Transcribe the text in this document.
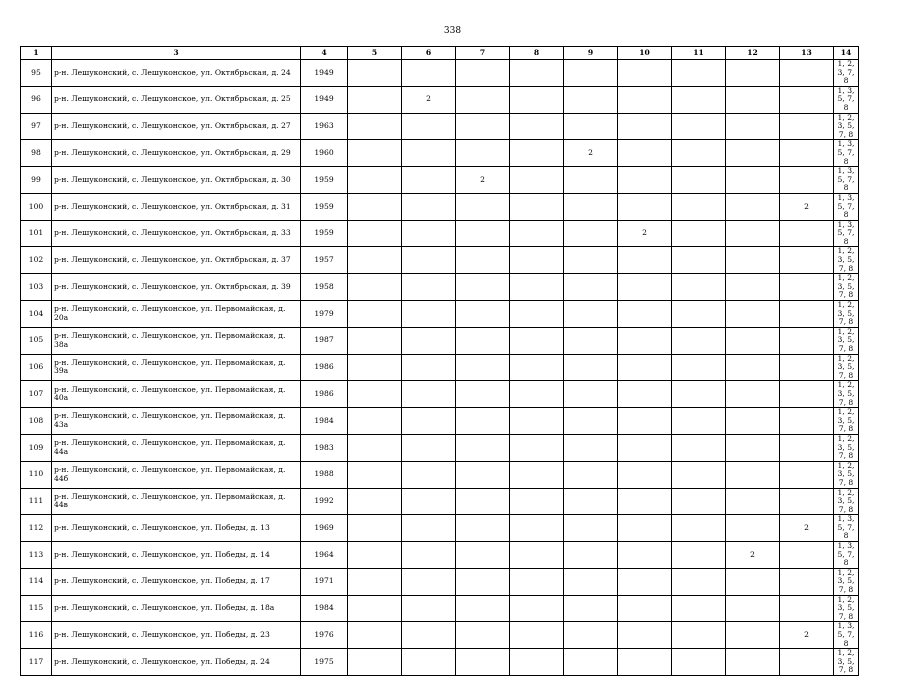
338
1	3	4	5	6	7	8	9	10	11	12	13	14
95	р-н. Лешуконский, с. Лешуконское, ул. Октябрьская, д. 24	1949										1, 2, 3, 7, 8
96	р-н. Лешуконский, с. Лешуконское, ул. Октябрьская, д. 25	1949		2								1, 3, 5, 7, 8
97	р-н. Лешуконский, с. Лешуконское, ул. Октябрьская, д. 27	1963										1, 2, 3, 5, 7, 8
98	р-н. Лешуконский, с. Лешуконское, ул. Октябрьская, д. 29	1960					2					1, 3, 5, 7, 8
99	р-н. Лешуконский, с. Лешуконское, ул. Октябрьская, д. 30	1959			2							1, 3, 5, 7, 8
100	р-н. Лешуконский, с. Лешуконское, ул. Октябрьская, д. 31	1959									2	1, 3, 5, 7, 8
101	р-н. Лешуконский, с. Лешуконское, ул. Октябрьская, д. 33	1959						2				1, 3, 5, 7, 8
102	р-н. Лешуконский, с. Лешуконское, ул. Октябрьская, д. 37	1957										1, 2, 3, 5, 7, 8
103	р-н. Лешуконский, с. Лешуконское, ул. Октябрьская, д. 39	1958										1, 2, 3, 5, 7, 8
104	р-н. Лешуконский, с. Лешуконское, ул. Первомайская, д. 20а	1979										1, 2, 3, 5, 7, 8
105	р-н. Лешуконский, с. Лешуконское, ул. Первомайская, д. 38а	1987										1, 2, 3, 5, 7, 8
106	р-н. Лешуконский, с. Лешуконское, ул. Первомайская, д. 39а	1986										1, 2, 3, 5, 7, 8
107	р-н. Лешуконский, с. Лешуконское, ул. Первомайская, д. 40а	1986										1, 2, 3, 5, 7, 8
108	р-н. Лешуконский, с. Лешуконское, ул. Первомайская, д. 43а	1984										1, 2, 3, 5, 7, 8
109	р-н. Лешуконский, с. Лешуконское, ул. Первомайская, д. 44а	1983										1, 2, 3, 5, 7, 8
110	р-н. Лешуконский, с. Лешуконское, ул. Первомайская, д. 44б	1988										1, 2, 3, 5, 7, 8
111	р-н. Лешуконский, с. Лешуконское, ул. Первомайская, д. 44в	1992										1, 2, 3, 5, 7, 8
112	р-н. Лешуконский, с. Лешуконское, ул. Победы, д. 13	1969									2	1, 3, 5, 7, 8
113	р-н. Лешуконский, с. Лешуконское, ул. Победы, д. 14	1964								2		1, 3, 5, 7, 8
114	р-н. Лешуконский, с. Лешуконское, ул. Победы, д. 17	1971										1, 2, 3, 5, 7, 8
115	р-н. Лешуконский, с. Лешуконское, ул. Победы, д. 18а	1984										1, 2, 3, 5, 7, 8
116	р-н. Лешуконский, с. Лешуконское, ул. Победы, д. 23	1976									2	1, 3, 5, 7, 8
117	р-н. Лешуконский, с. Лешуконское, ул. Победы, д. 24	1975										1, 2, 3, 5, 7, 8
